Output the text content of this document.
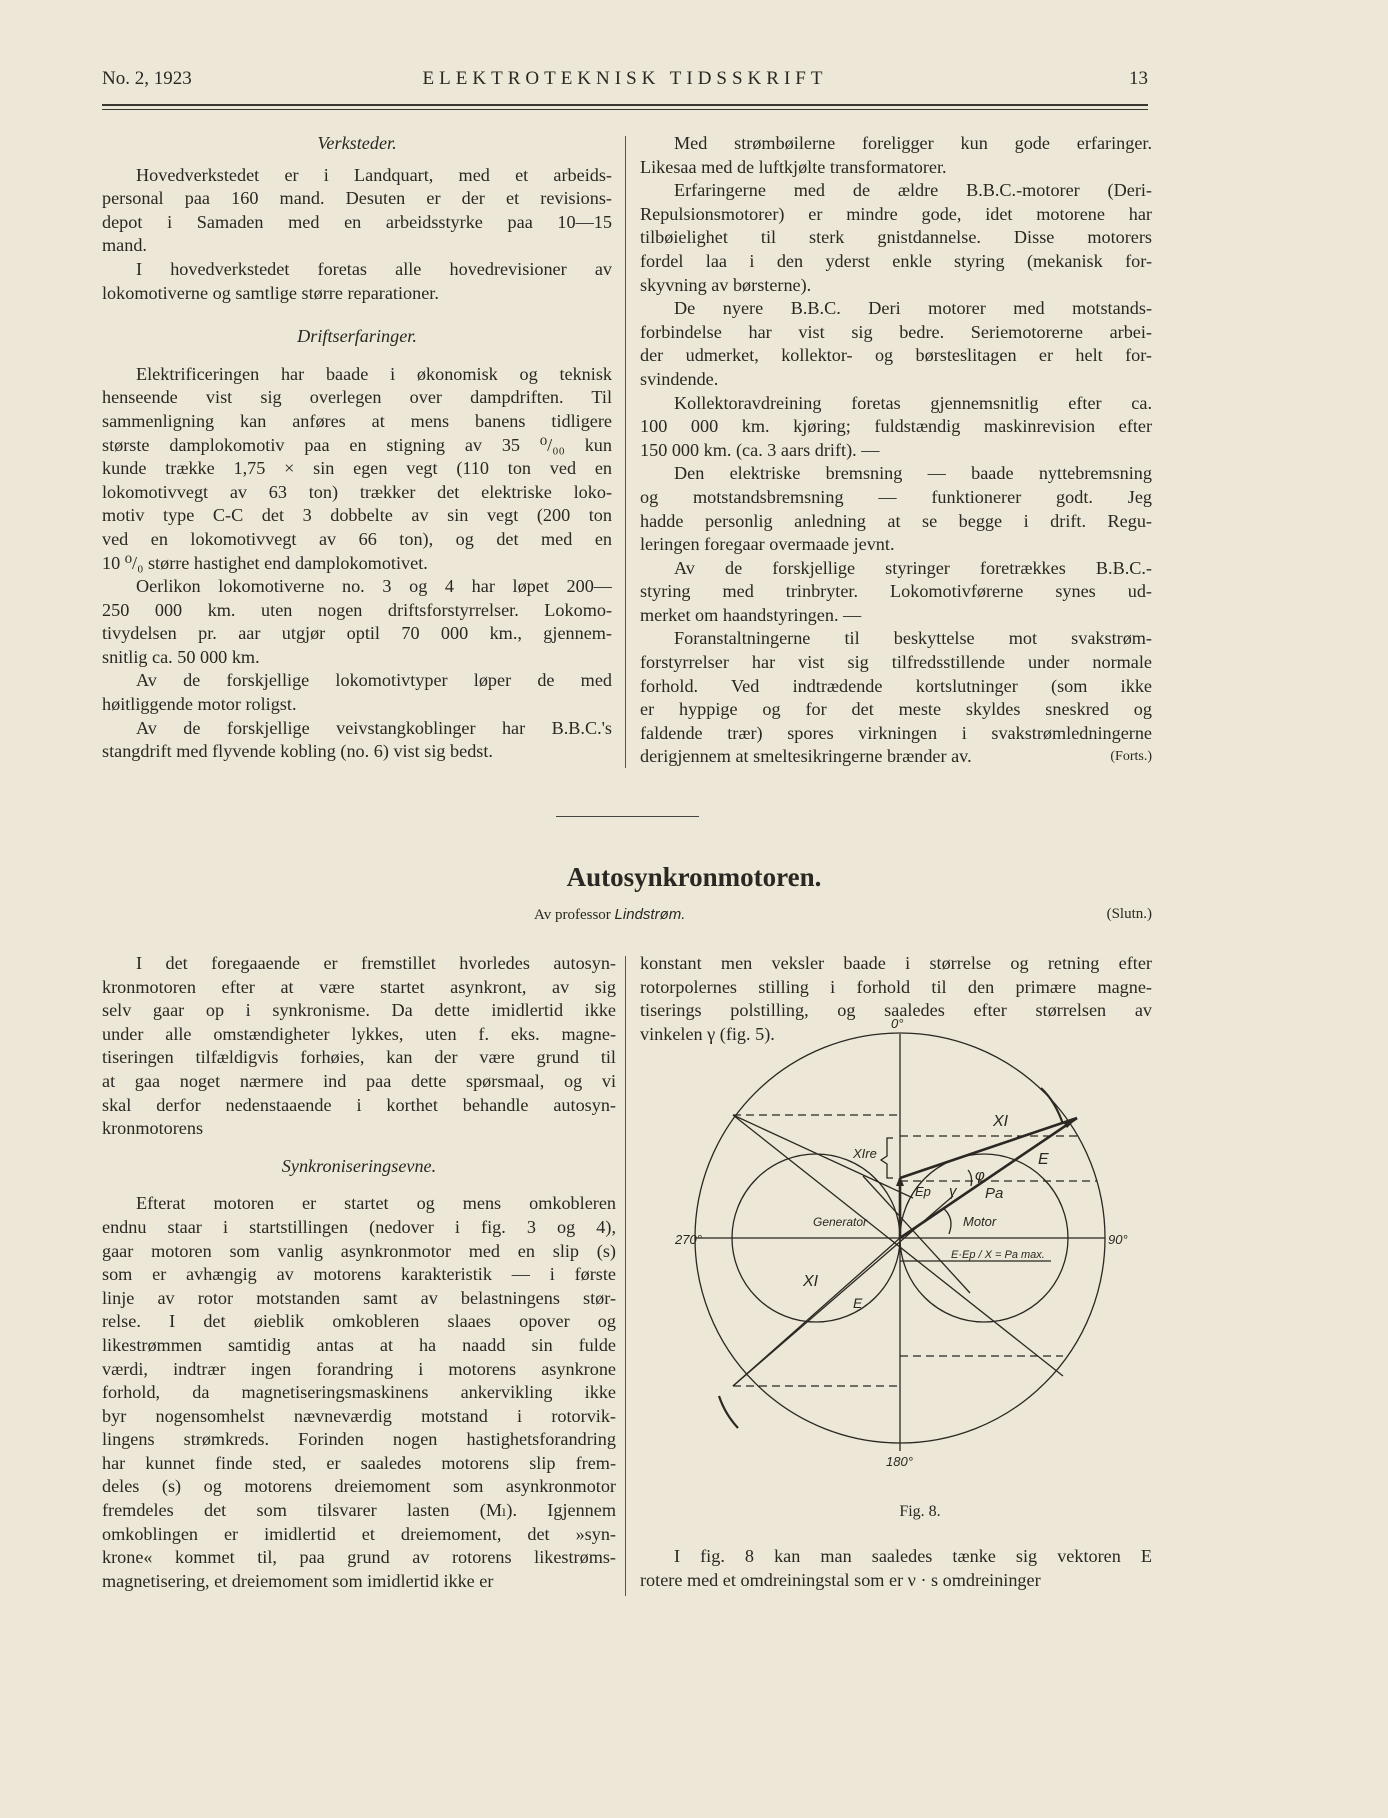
No. 2, 1923	ELEKTROTEKNISK TIDSSKRIFT	13

Verksteder.

Hovedverkstedet er i Landquart, med et arbeids-
personal paa 160 mand. Desuten er der et revisions-
depot i Samaden med en arbeidsstyrke paa 10—15
mand.
I hovedverkstedet foretas alle hovedrevisioner av
lokomotiverne og samtlige større reparationer.

Driftserfaringer.

Elektrificeringen har baade i økonomisk og teknisk
henseende vist sig overlegen over dampdriften. Til
sammenligning kan anføres at mens banens tidligere
største damplokomotiv paa en stigning av 35 ⁰/₀₀ kun
kunde trække 1,75 × sin egen vegt (110 ton ved en
lokomotivvegt av 63 ton) trækker det elektriske loko-
motiv type C-C det 3 dobbelte av sin vegt (200 ton
ved en lokomotivvegt av 66 ton), og det med en
10 ⁰/₀ større hastighet end damplokomotivet.
Oerlikon lokomotiverne no. 3 og 4 har løpet 200—
250 000 km. uten nogen driftsforstyrrelser. Lokomo-
tivydelsen pr. aar utgjør optil 70 000 km., gjennem-
snitlig ca. 50 000 km.
Av de forskjellige lokomotivtyper løper de med
høitliggende motor roligst.
Av de forskjellige veivstangkoblinger har B.B.C.'s
stangdrift med flyvende kobling (no. 6) vist sig bedst.
Med strømbøilerne foreligger kun gode erfaringer.
Likesaa med de luftkjølte transformatorer.
Erfaringerne med de ældre B.B.C.-motorer (Deri-
Repulsionsmotorer) er mindre gode, idet motorene har
tilbøielighet til sterk gnistdannelse. Disse motorers
fordel laa i den yderst enkle styring (mekanisk for-
skyvning av børsterne).
De nyere B.B.C. Deri motorer med motstands-
forbindelse har vist sig bedre. Seriemotorerne arbei-
der udmerket, kollektor- og børsteslitagen er helt for-
svindende.
Kollektoravdreining foretas gjennemsnitlig efter ca.
100 000 km. kjøring; fuldstændig maskinrevision efter
150 000 km. (ca. 3 aars drift). —
Den elektriske bremsning — baade nyttebremsning
og motstandsbremsning — funktionerer godt. Jeg
hadde personlig anledning at se begge i drift. Regu-
leringen foregaar overmaade jevnt.
Av de forskjellige styringer foretrækkes B.B.C.-
styring med trinbryter. Lokomotivførerne synes ud-
merket om haandstyringen. —
Foranstaltningerne til beskyttelse mot svakstrøm-
forstyrrelser har vist sig tilfredsstillende under normale
forhold. Ved indtrædende kortslutninger (som ikke
er hyppige og for det meste skyldes sneskred og
faldende trær) spores virkningen i svakstrømledningerne
derigjennem at smeltesikringerne brænder av.	(Forts.)
Autosynkronmotoren.
Av professor Lindstrøm.	(Slutn.)
I det foregaaende er fremstillet hvorledes autosyn-
kronmotoren efter at være startet asynkront, av sig
selv gaar op i synkronisme. Da dette imidlertid ikke
under alle omstændigheter lykkes, uten f. eks. magne-
tiseringen tilfældigvis forhøies, kan der være grund til
at gaa noget nærmere ind paa dette spørsmaal, og vi
skal derfor nedenstaaende i korthet behandle autosyn-
kronmotorens

Synkroniseringsevne.

Efterat motoren er startet og mens omkobleren
endnu staar i startstillingen (nedover i fig. 3 og 4),
gaar motoren som vanlig asynkronmotor med en slip (s)
som er avhængig av motorens karakteristik — i første
linje av rotor motstanden samt av belastningens stør-
relse. I det øieblik omkobleren slaaes opover og
likestrømmen samtidig antas at ha naadd sin fulde
værdi, indtrær ingen forandring i motorens asynkrone
forhold, da magnetiseringsmaskinens ankervikling ikke
byr nogensomhelst nævneværdig motstand i rotorvik-
lingens strømkreds. Forinden nogen hastighetsforandring
har kunnet finde sted, er saaledes motorens slip frem-
deles (s) og motorens dreiemoment som asynkronmotor
fremdeles det som tilsvarer lasten (Mₗ). Igjennem
omkoblingen er imidlertid et dreiemoment, det »syn-
krone« kommet til, paa grund av rotorens likestrøms-
magnetisering, et dreiemoment som imidlertid ikke er
konstant men veksler baade i størrelse og retning efter
rotorpolernes stilling i forhold til den primære magne-
tiserings polstilling, og saaledes efter størrelsen av
vinkelen γ (fig. 5).
0°
90°
180°
270°
XI
E
XIre
φ
γ
Ep	Pa
Generator	Motor
E·Ep / X = Pa max.
XI
E
Fig. 8.
I fig. 8 kan man saaledes tænke sig vektoren E
rotere med et omdreiningstal som er ν · s omdreininger
